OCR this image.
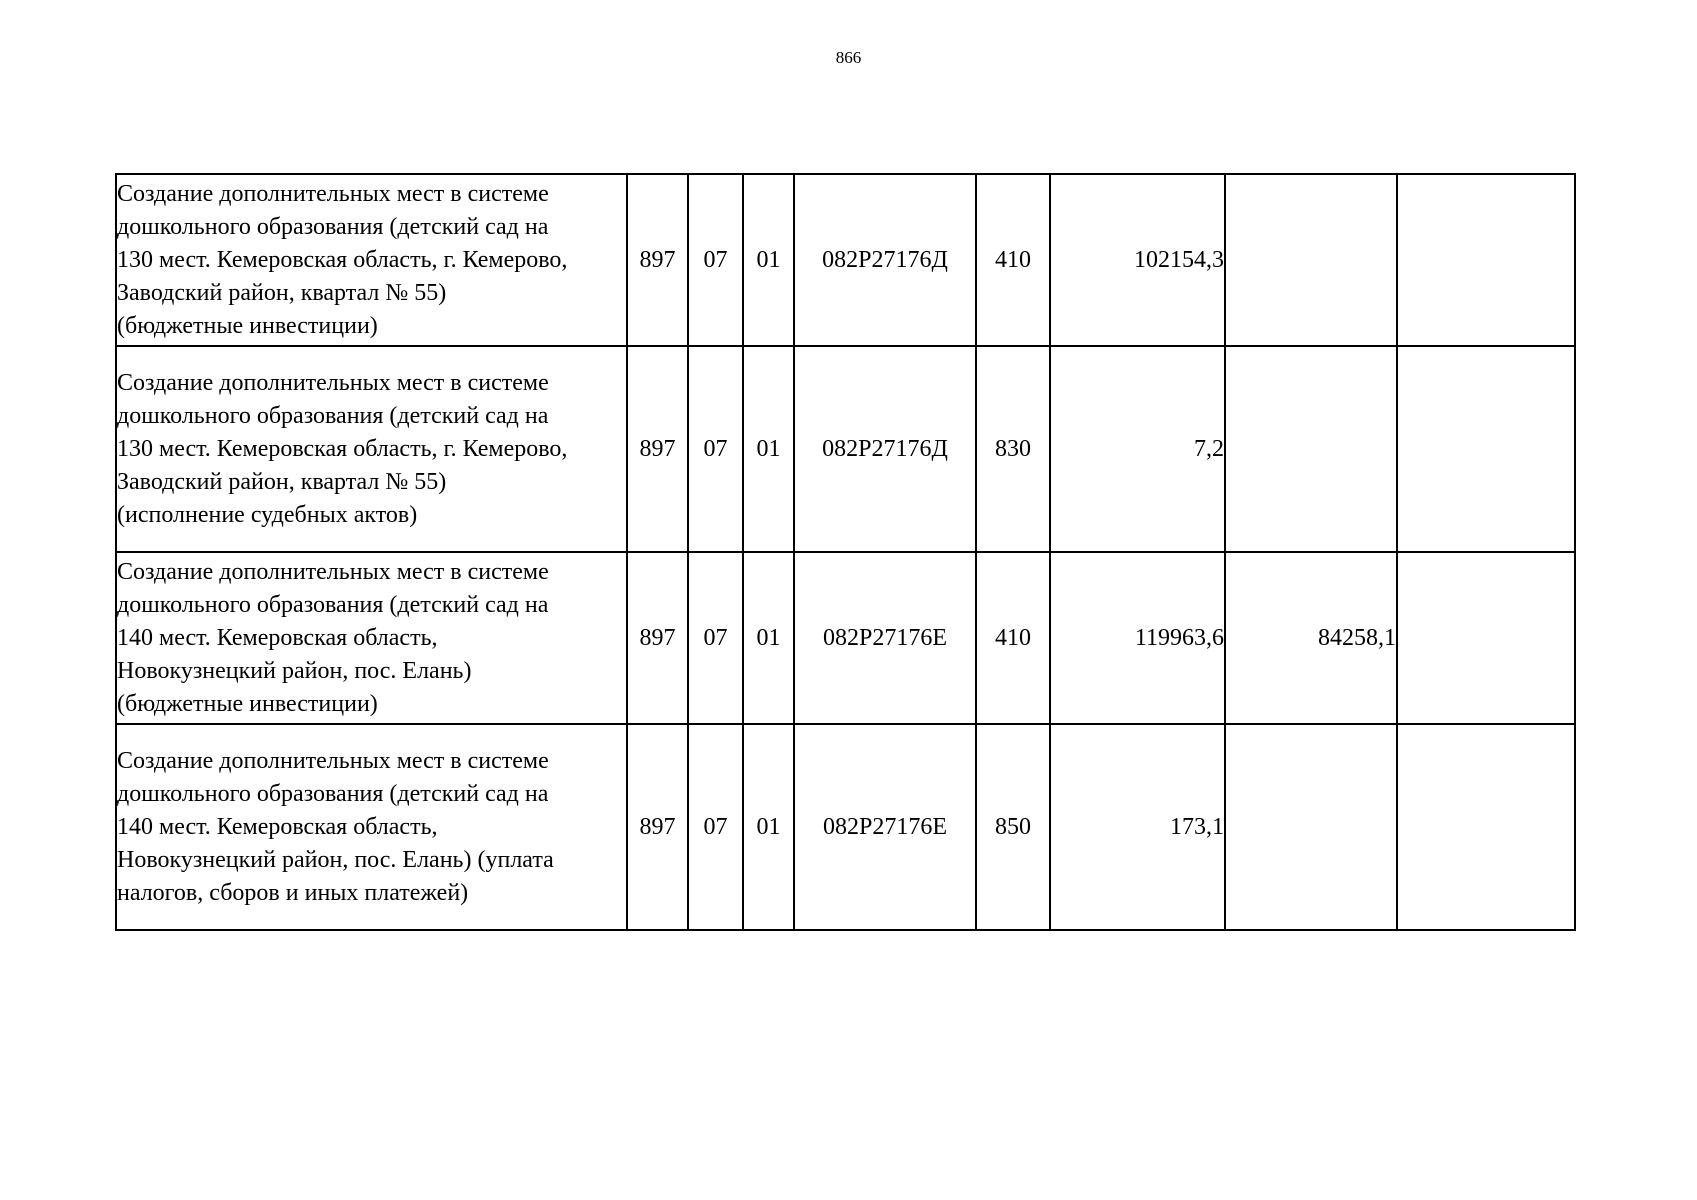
866
Создание дополнительных мест в системе
дошкольного образования (детский сад на
130 мест. Кемеровская область, г. Кемерово,
Заводский район, квартал № 55)
(бюджетные инвестиции)	897	07	01	082P27176Д	410	102154,3		

Создание дополнительных мест в системе
дошкольного образования (детский сад на
130 мест. Кемеровская область, г. Кемерово,
Заводский район, квартал № 55)
(исполнение судебных актов)	897	07	01	082P27176Д	830	7,2		

Создание дополнительных мест в системе
дошкольного образования (детский сад на
140 мест. Кемеровская область,
Новокузнецкий район, пос. Елань)
(бюджетные инвестиции)	897	07	01	082P27176Е	410	119963,6	84258,1	

Создание дополнительных мест в системе
дошкольного образования (детский сад на
140 мест. Кемеровская область,
Новокузнецкий район, пос. Елань) (уплата
налогов, сборов и иных платежей)	897	07	01	082P27176Е	850	173,1		
